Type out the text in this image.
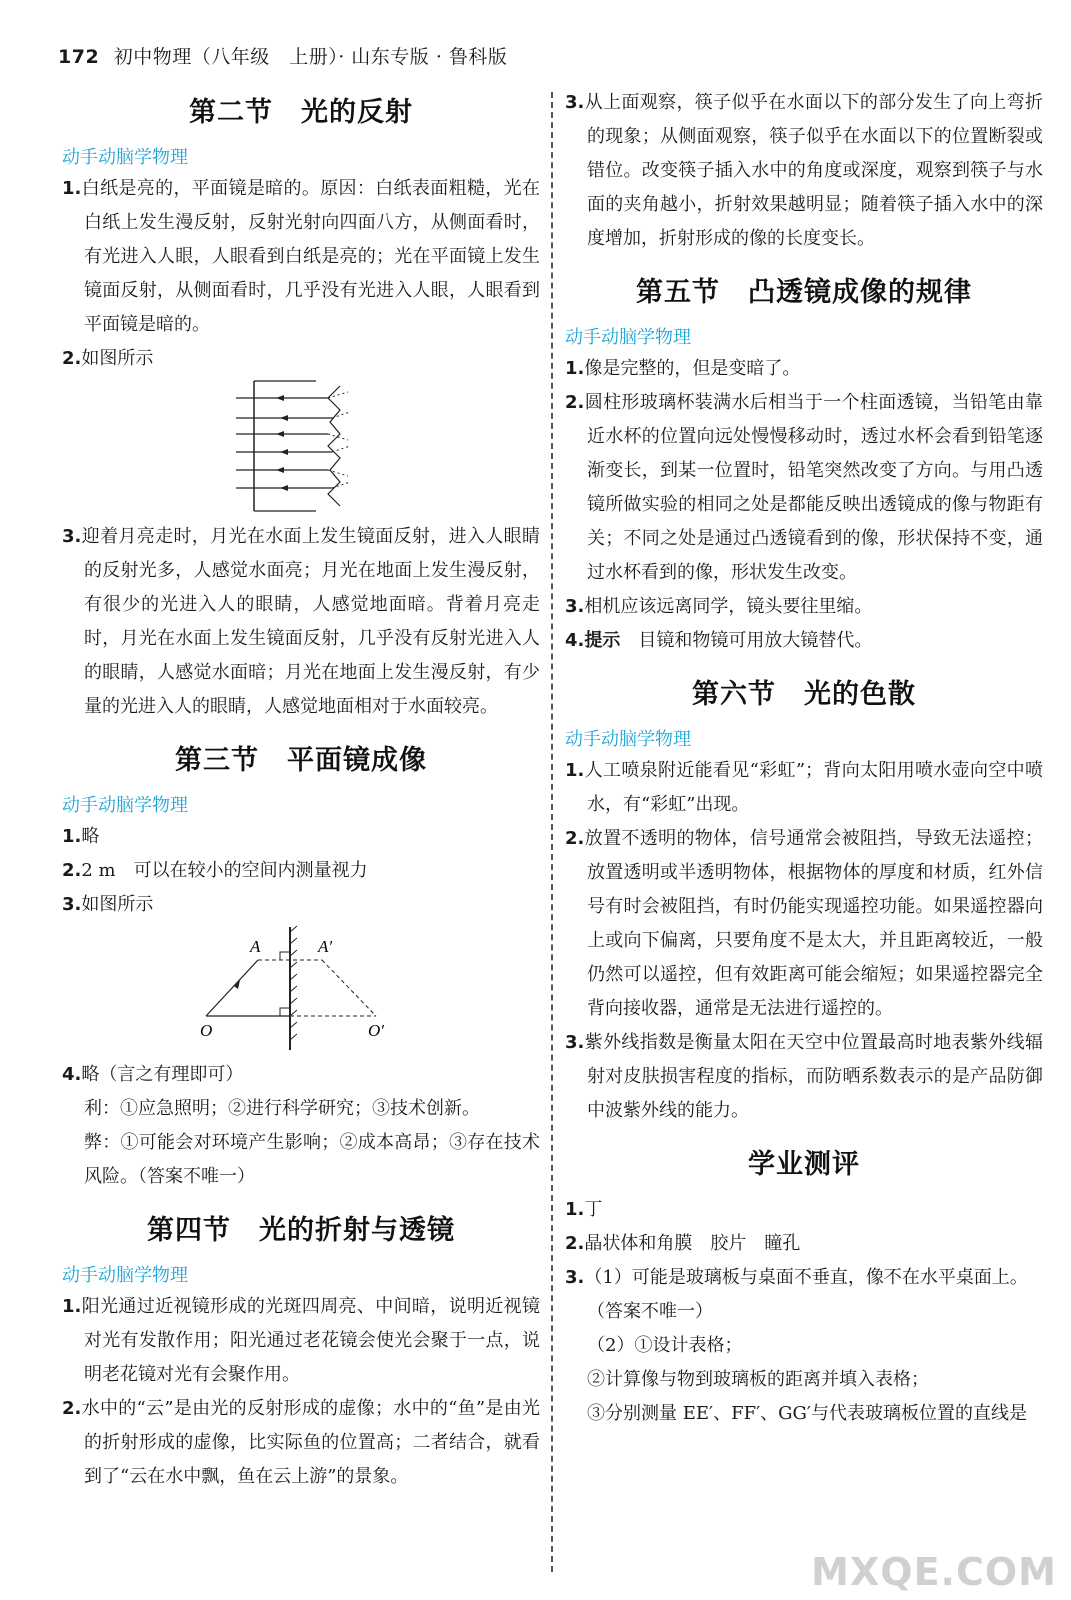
172 初中物理（八年级　上册）· 山东专版 · 鲁科版
第二节　光的反射

动手动脑学物理

1.白纸是亮的，平面镜是暗的。原因：白纸表面粗糙，光在白纸上发生漫反射，反射光射向四面八方，从侧面看时，有光进入人眼，人眼看到白纸是亮的；光在平面镜上发生镜面反射，从侧面看时，几乎没有光进入人眼，人眼看到平面镜是暗的。

2.如图所示

3.迎着月亮走时，月光在水面上发生镜面反射，进入人眼睛的反射光多，人感觉水面亮；月光在地面上发生漫反射，有很少的光进入人的眼睛，人感觉地面暗。背着月亮走时，月光在水面上发生镜面反射，几乎没有反射光进入人的眼睛，人感觉水面暗；月光在地面上发生漫反射，有少量的光进入人的眼睛，人感觉地面相对于水面较亮。

第三节　平面镜成像

动手动脑学物理

1.略

2.2 m　可以在较小的空间内测量视力

3.如图所示

A	A′
O	O′

4.略（言之有理即可）

利：①应急照明；②进行科学研究；③技术创新。

弊：①可能会对环境产生影响；②成本高昂；③存在技术风险。（答案不唯一）

第四节　光的折射与透镜

动手动脑学物理

1.阳光通过近视镜形成的光斑四周亮、中间暗，说明近视镜对光有发散作用；阳光通过老花镜会使光会聚于一点，说明老花镜对光有会聚作用。

2.水中的“云”是由光的反射形成的虚像；水中的“鱼”是由光的折射形成的虚像，比实际鱼的位置高；二者结合，就看到了“云在水中飘，鱼在云上游”的景象。

3.从上面观察，筷子似乎在水面以下的部分发生了向上弯折的现象；从侧面观察，筷子似乎在水面以下的位置断裂或错位。改变筷子插入水中的角度或深度，观察到筷子与水面的夹角越小，折射效果越明显；随着筷子插入水中的深度增加，折射形成的像的长度变长。

第五节　凸透镜成像的规律

动手动脑学物理

1.像是完整的，但是变暗了。

2.圆柱形玻璃杯装满水后相当于一个柱面透镜，当铅笔由靠近水杯的位置向远处慢慢移动时，透过水杯会看到铅笔逐渐变长，到某一位置时，铅笔突然改变了方向。与用凸透镜所做实验的相同之处是都能反映出透镜成的像与物距有关；不同之处是通过凸透镜看到的像，形状保持不变，通过水杯看到的像，形状发生改变。

3.相机应该远离同学，镜头要往里缩。

4.提示　目镜和物镜可用放大镜替代。

第六节　光的色散

动手动脑学物理

1.人工喷泉附近能看见“彩虹”；背向太阳用喷水壶向空中喷水，有“彩虹”出现。

2.放置不透明的物体，信号通常会被阻挡，导致无法遥控；放置透明或半透明物体，根据物体的厚度和材质，红外信号有时会被阻挡，有时仍能实现遥控功能。如果遥控器向上或向下偏离，只要角度不是太大，并且距离较近，一般仍然可以遥控，但有效距离可能会缩短；如果遥控器完全背向接收器，通常是无法进行遥控的。

3.紫外线指数是衡量太阳在天空中位置最高时地表紫外线辐射对皮肤损害程度的指标，而防晒系数表示的是产品防御中波紫外线的能力。

学业测评

1.丁

2.晶状体和角膜　胶片　瞳孔

3.（1）可能是玻璃板与桌面不垂直，像不在水平桌面上。

（答案不唯一）

（2）①设计表格；

②计算像与物到玻璃板的距离并填入表格；

③分别测量 EE′、FF′、GG′与代表玻璃板位置的直线是

MXQE.COM
